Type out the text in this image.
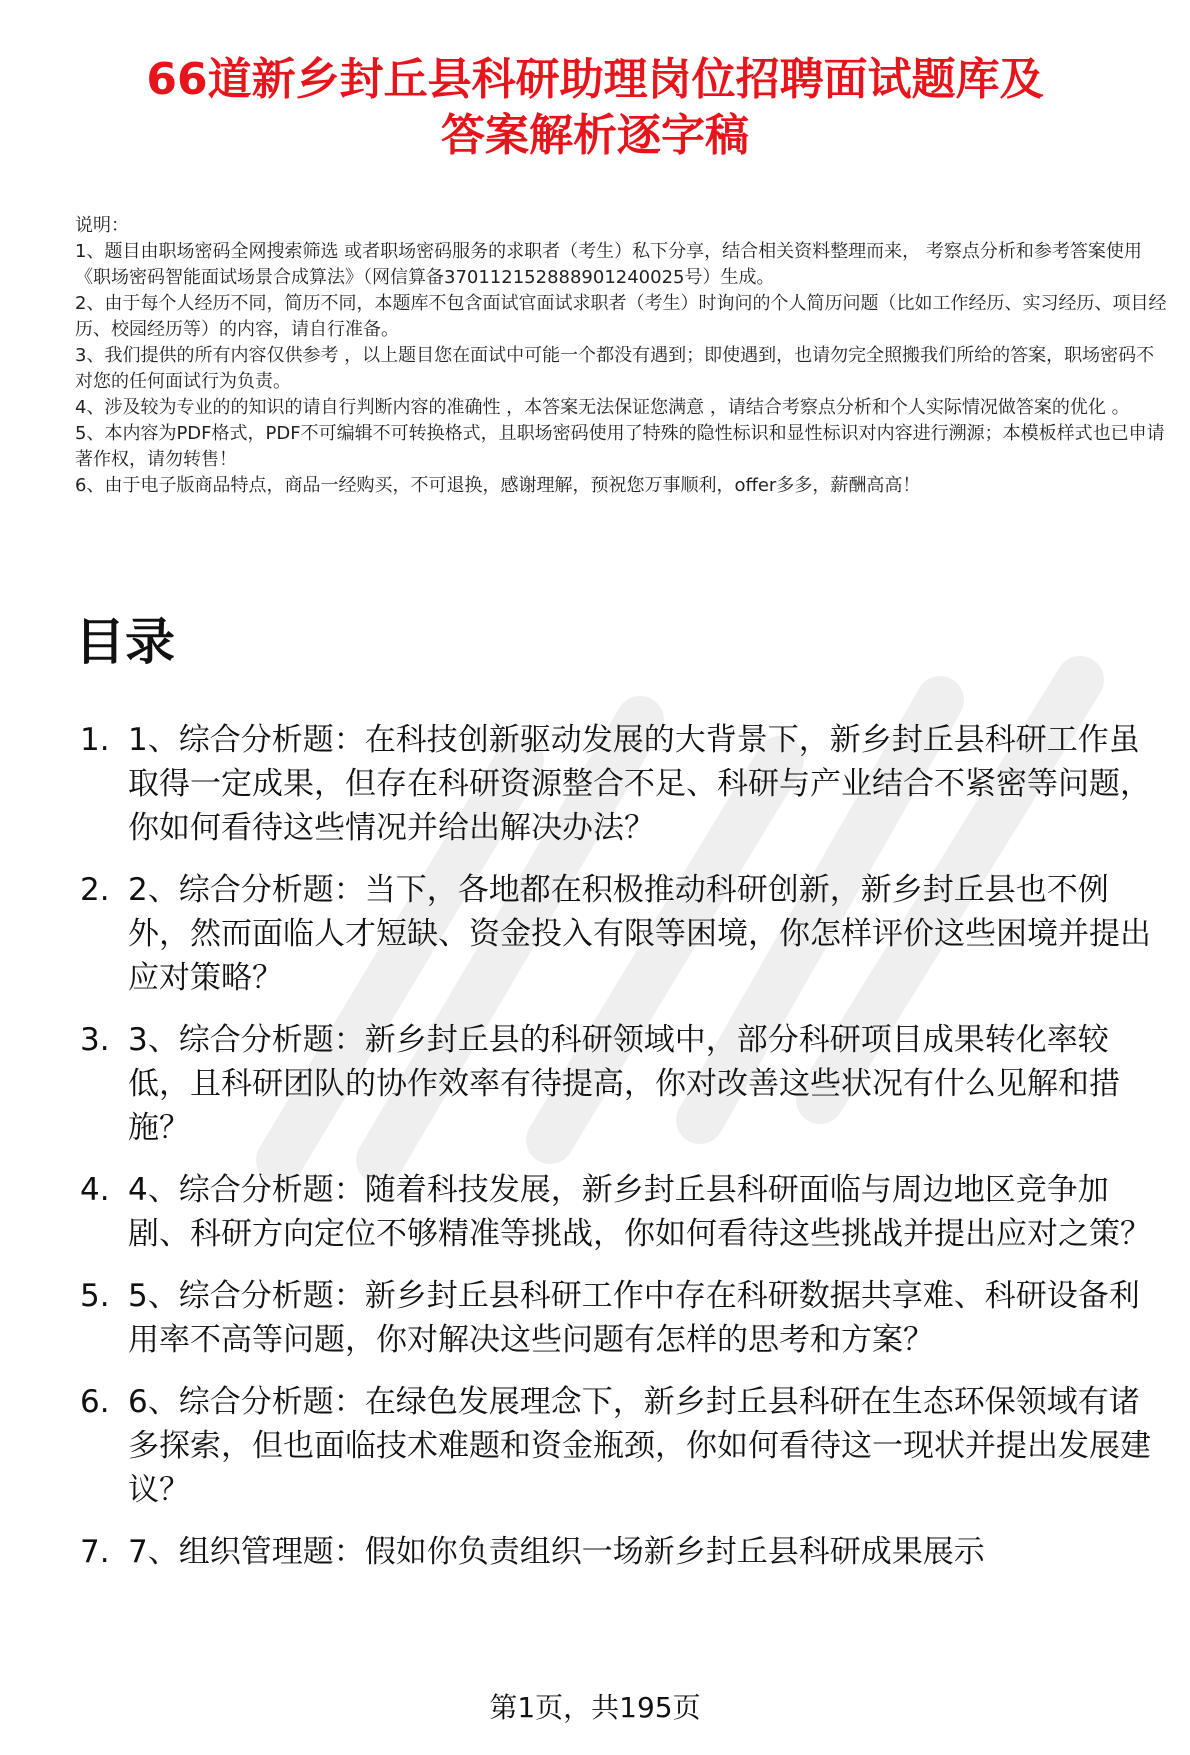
66道新乡封丘县科研助理岗位招聘面试题库及
答案解析逐字稿
说明：
1、题目由职场密码全网搜索筛选 或者职场密码服务的求职者（考生）私下分享，结合相关资料整理而来， 考察点分析和参考答案使用《职场密码智能面试场景合成算法》（网信算备370112152888901240025号）生成。
2、由于每个人经历不同，简历不同，本题库不包含面试官面试求职者（考生）时询问的个人简历问题（比如工作经历、实习经历、项目经历、校园经历等）的内容，请自行准备。
3、我们提供的所有内容仅供参考 ，以上题目您在面试中可能一个都没有遇到；即使遇到，也请勿完全照搬我们所给的答案，职场密码不对您的任何面试行为负责。
4、涉及较为专业的的知识的请自行判断内容的准确性 ，本答案无法保证您满意 ，请结合考察点分析和个人实际情况做答案的优化 。
5、本内容为PDF格式，PDF不可编辑不可转换格式，且职场密码使用了特殊的隐性标识和显性标识对内容进行溯源；本模板样式也已申请著作权，请勿转售！
6、由于电子版商品特点，商品一经购买，不可退换，感谢理解，预祝您万事顺利，offer多多，薪酬高高！
目录
1. 1、综合分析题：在科技创新驱动发展的大背景下，新乡封丘县科研工作虽取得一定成果，但存在科研资源整合不足、科研与产业结合不紧密等问题，你如何看待这些情况并给出解决办法？
2. 2、综合分析题：当下，各地都在积极推动科研创新，新乡封丘县也不例外，然而面临人才短缺、资金投入有限等困境，你怎样评价这些困境并提出应对策略？
3. 3、综合分析题：新乡封丘县的科研领域中，部分科研项目成果转化率较低，且科研团队的协作效率有待提高，你对改善这些状况有什么见解和措施？
4. 4、综合分析题：随着科技发展，新乡封丘县科研面临与周边地区竞争加剧、科研方向定位不够精准等挑战，你如何看待这些挑战并提出应对之策？
5. 5、综合分析题：新乡封丘县科研工作中存在科研数据共享难、科研设备利用率不高等问题，你对解决这些问题有怎样的思考和方案？
6. 6、综合分析题：在绿色发展理念下，新乡封丘县科研在生态环保领域有诸多探索，但也面临技术难题和资金瓶颈，你如何看待这一现状并提出发展建议？
7. 7、组织管理题：假如你负责组织一场新乡封丘县科研成果展示
第1页，共195页
